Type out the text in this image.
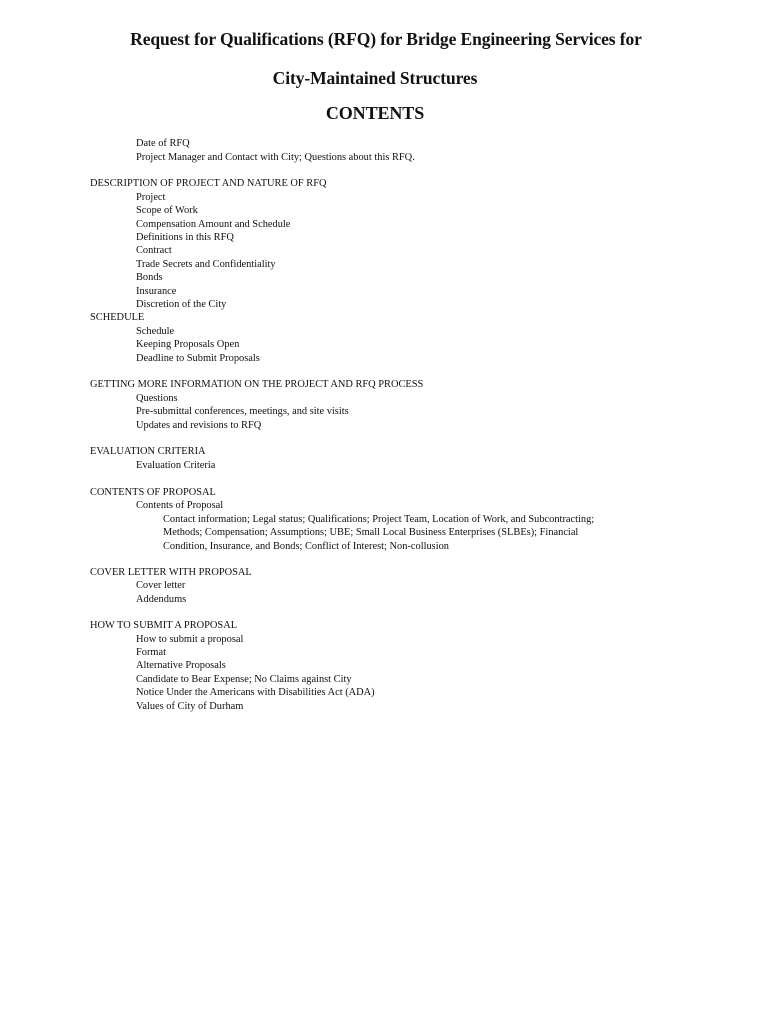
Request for Qualifications (RFQ) for Bridge Engineering Services for
City-Maintained Structures
CONTENTS
Date of RFQ
Project Manager and Contact with City; Questions about this RFQ.
DESCRIPTION OF PROJECT AND NATURE OF RFQ
Project
Scope of Work
Compensation Amount and Schedule
Definitions in this RFQ
Contract
Trade Secrets and Confidentiality
Bonds
Insurance
Discretion of the City
SCHEDULE
Schedule
Keeping Proposals Open
Deadline to Submit Proposals
GETTING MORE INFORMATION ON THE PROJECT AND RFQ PROCESS
Questions
Pre-submittal conferences, meetings, and site visits
Updates and revisions to RFQ
EVALUATION CRITERIA
Evaluation Criteria
CONTENTS OF PROPOSAL
Contents of Proposal
Contact information; Legal status; Qualifications; Project Team, Location of Work, and Subcontracting;
Methods; Compensation; Assumptions; UBE; Small Local Business Enterprises (SLBEs); Financial
Condition, Insurance, and Bonds; Conflict of Interest; Non-collusion
COVER LETTER WITH PROPOSAL
Cover letter
Addendums
HOW TO SUBMIT A PROPOSAL
How to submit a proposal
Format
Alternative Proposals
Candidate to Bear Expense; No Claims against City
Notice Under the Americans with Disabilities Act (ADA)
Values of City of Durham
